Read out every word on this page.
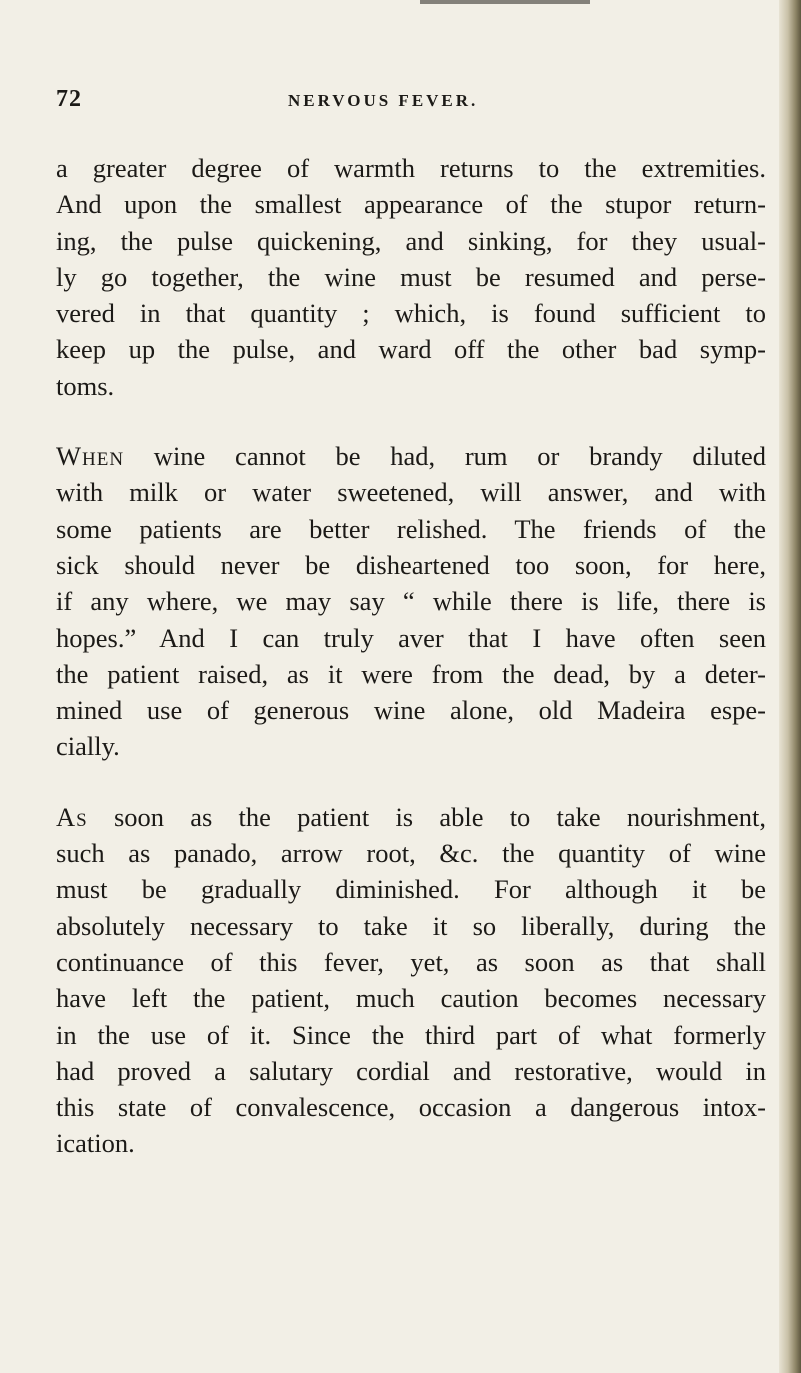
72	NERVOUS FEVER.

a greater degree of warmth returns to the extremities.
And upon the smallest appearance of the stupor return-
ing, the pulse quickening, and sinking, for they usual-
ly go together, the wine must be resumed and perse-
vered in that quantity ; which, is found sufficient to
keep up the pulse, and ward off the other bad symp-
toms.

When wine cannot be had, rum or brandy diluted
with milk or water sweetened, will answer, and with
some patients are better relished. The friends of the
sick should never be disheartened too soon, for here,
if any where, we may say “ while there is life, there is
hopes.” And I can truly aver that I have often seen
the patient raised, as it were from the dead, by a deter-
mined use of generous wine alone, old Madeira espe-
cially.

As soon as the patient is able to take nourishment,
such as panado, arrow root, &c. the quantity of wine
must be gradually diminished. For although it be
absolutely necessary to take it so liberally, during the
continuance of this fever, yet, as soon as that shall
have left the patient, much caution becomes necessary
in the use of it. Since the third part of what formerly
had proved a salutary cordial and restorative, would in
this state of convalescence, occasion a dangerous intox-
ication.
